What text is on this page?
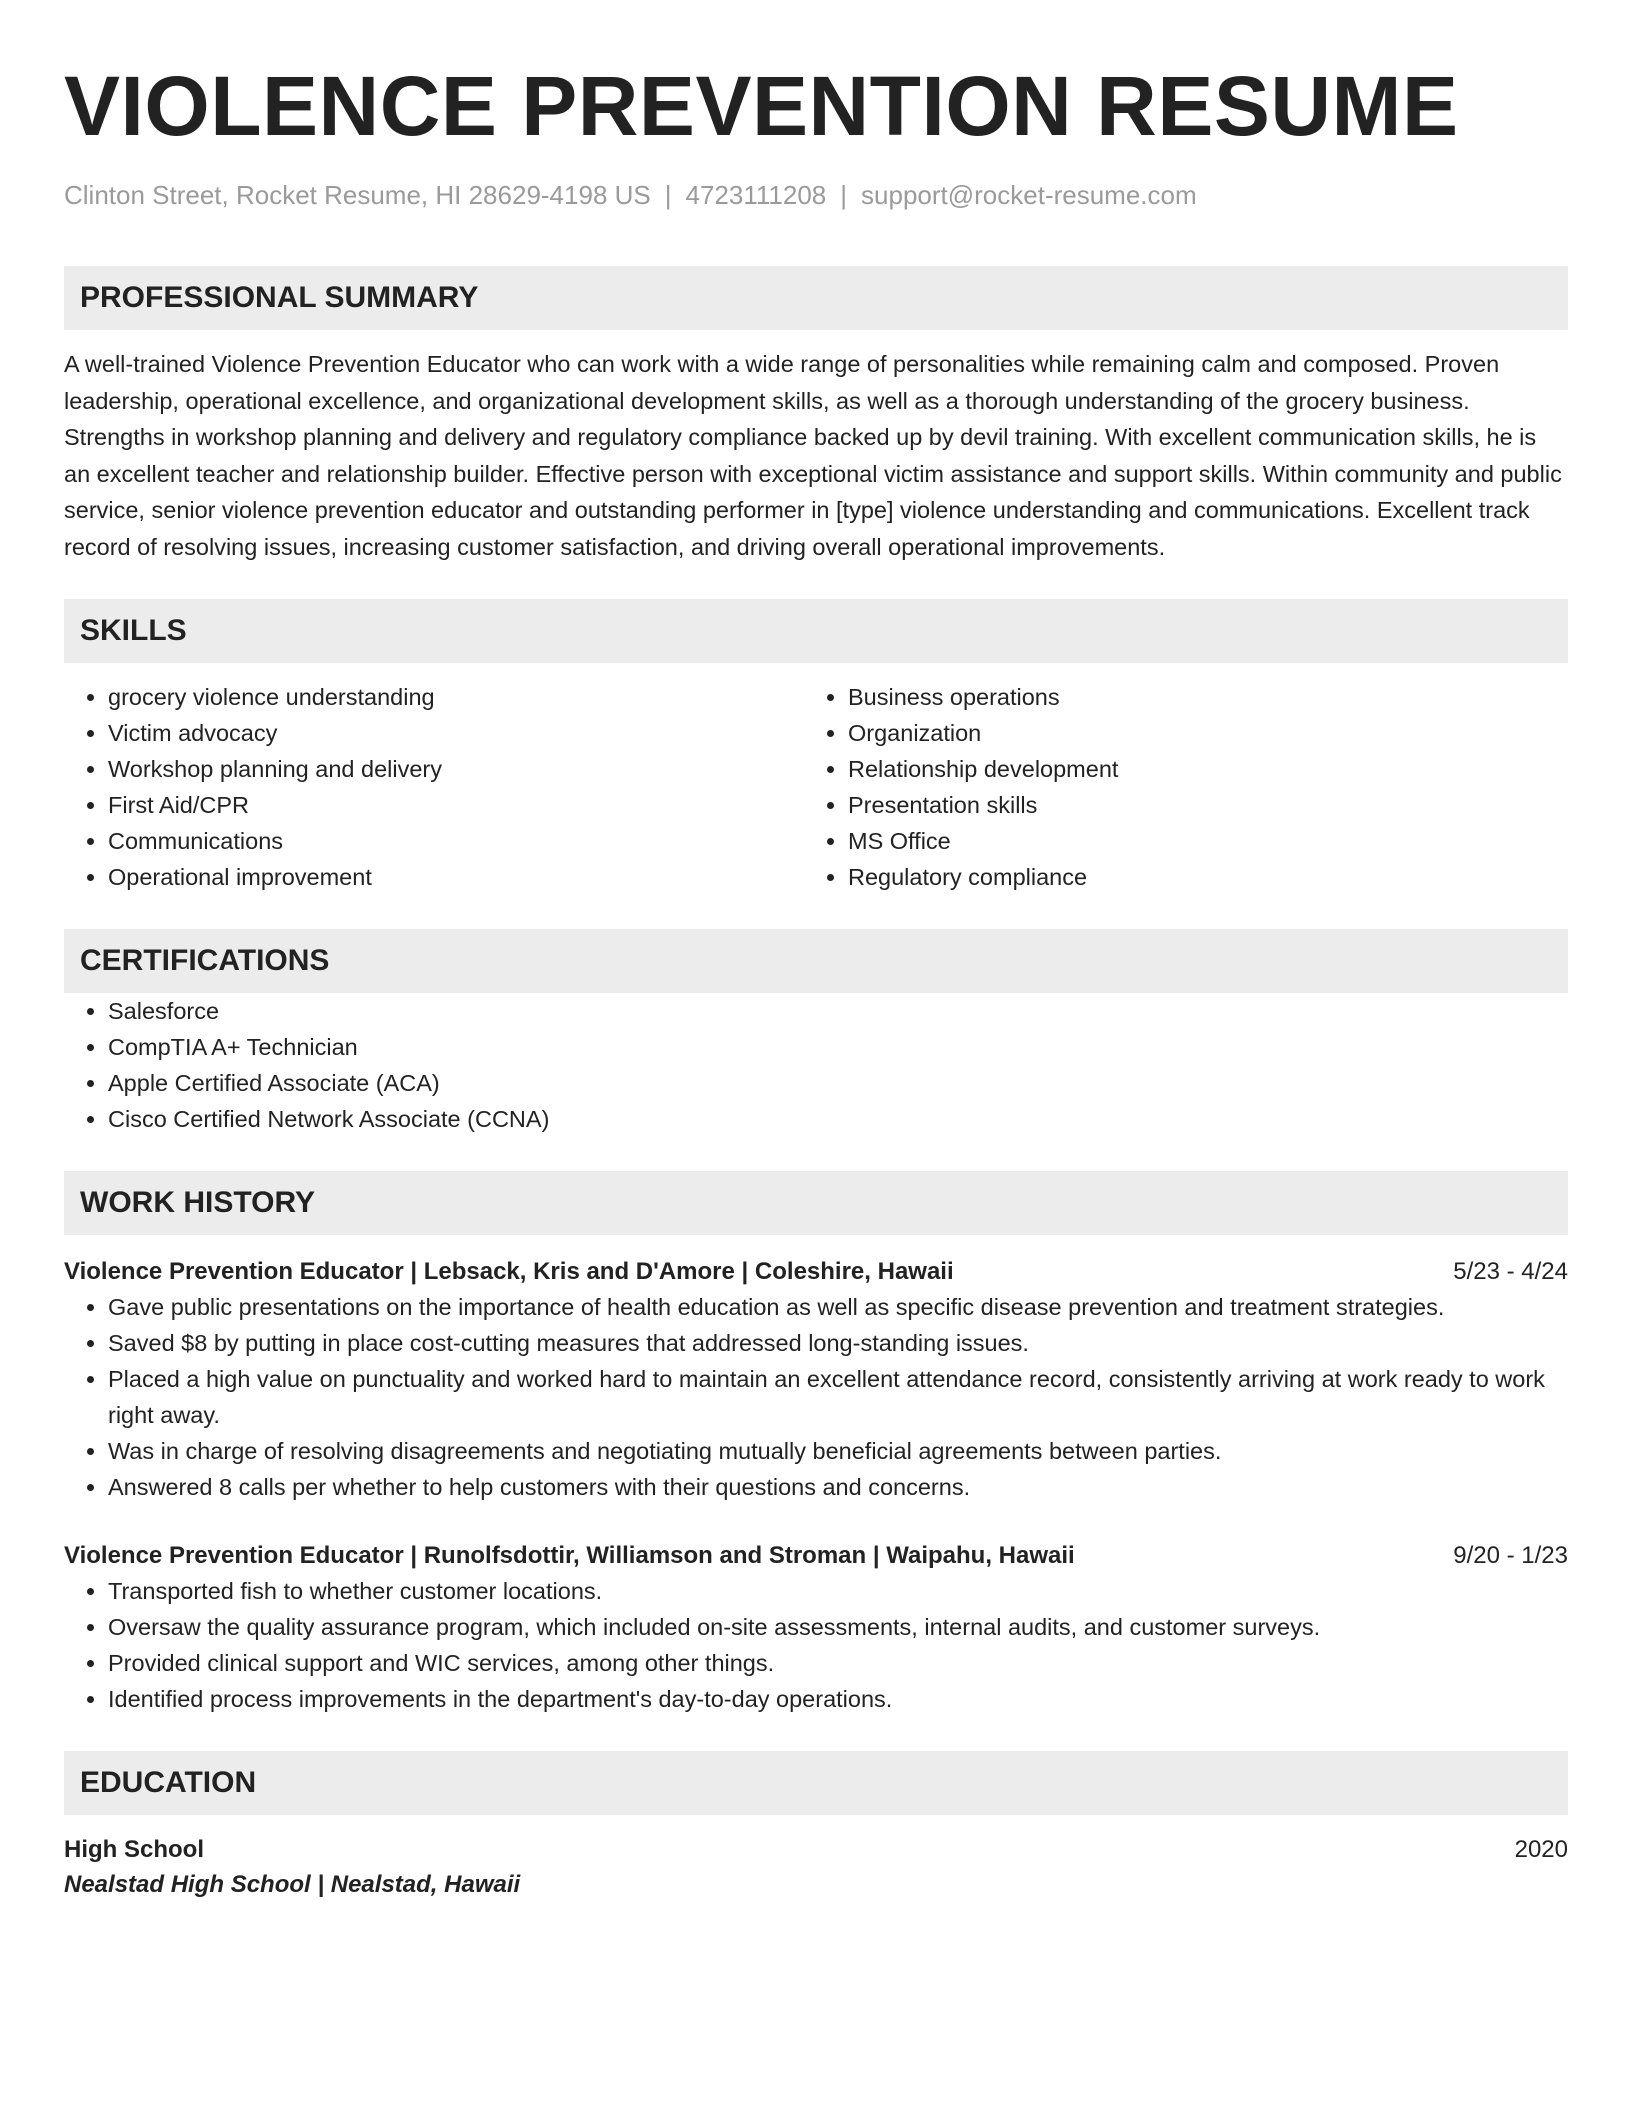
VIOLENCE PREVENTION RESUME
Clinton Street, Rocket Resume, HI 28629-4198 US | 4723111208 | support@rocket-resume.com
PROFESSIONAL SUMMARY
A well-trained Violence Prevention Educator who can work with a wide range of personalities while remaining calm and composed. Proven leadership, operational excellence, and organizational development skills, as well as a thorough understanding of the grocery business. Strengths in workshop planning and delivery and regulatory compliance backed up by devil training. With excellent communication skills, he is an excellent teacher and relationship builder. Effective person with exceptional victim assistance and support skills. Within community and public service, senior violence prevention educator and outstanding performer in [type] violence understanding and communications. Excellent track record of resolving issues, increasing customer satisfaction, and driving overall operational improvements.
SKILLS
• grocery violence understanding
• Victim advocacy
• Workshop planning and delivery
• First Aid/CPR
• Communications
• Operational improvement
• Business operations
• Organization
• Relationship development
• Presentation skills
• MS Office
• Regulatory compliance
CERTIFICATIONS
• Salesforce
• CompTIA A+ Technician
• Apple Certified Associate (ACA)
• Cisco Certified Network Associate (CCNA)
WORK HISTORY
Violence Prevention Educator | Lebsack, Kris and D'Amore | Coleshire, Hawaii	5/23 - 4/24
• Gave public presentations on the importance of health education as well as specific disease prevention and treatment strategies.
• Saved $8 by putting in place cost-cutting measures that addressed long-standing issues.
• Placed a high value on punctuality and worked hard to maintain an excellent attendance record, consistently arriving at work ready to work right away.
• Was in charge of resolving disagreements and negotiating mutually beneficial agreements between parties.
• Answered 8 calls per whether to help customers with their questions and concerns.
Violence Prevention Educator | Runolfsdottir, Williamson and Stroman | Waipahu, Hawaii	9/20 - 1/23
• Transported fish to whether customer locations.
• Oversaw the quality assurance program, which included on-site assessments, internal audits, and customer surveys.
• Provided clinical support and WIC services, among other things.
• Identified process improvements in the department's day-to-day operations.
EDUCATION
High School	2020
Nealstad High School | Nealstad, Hawaii
